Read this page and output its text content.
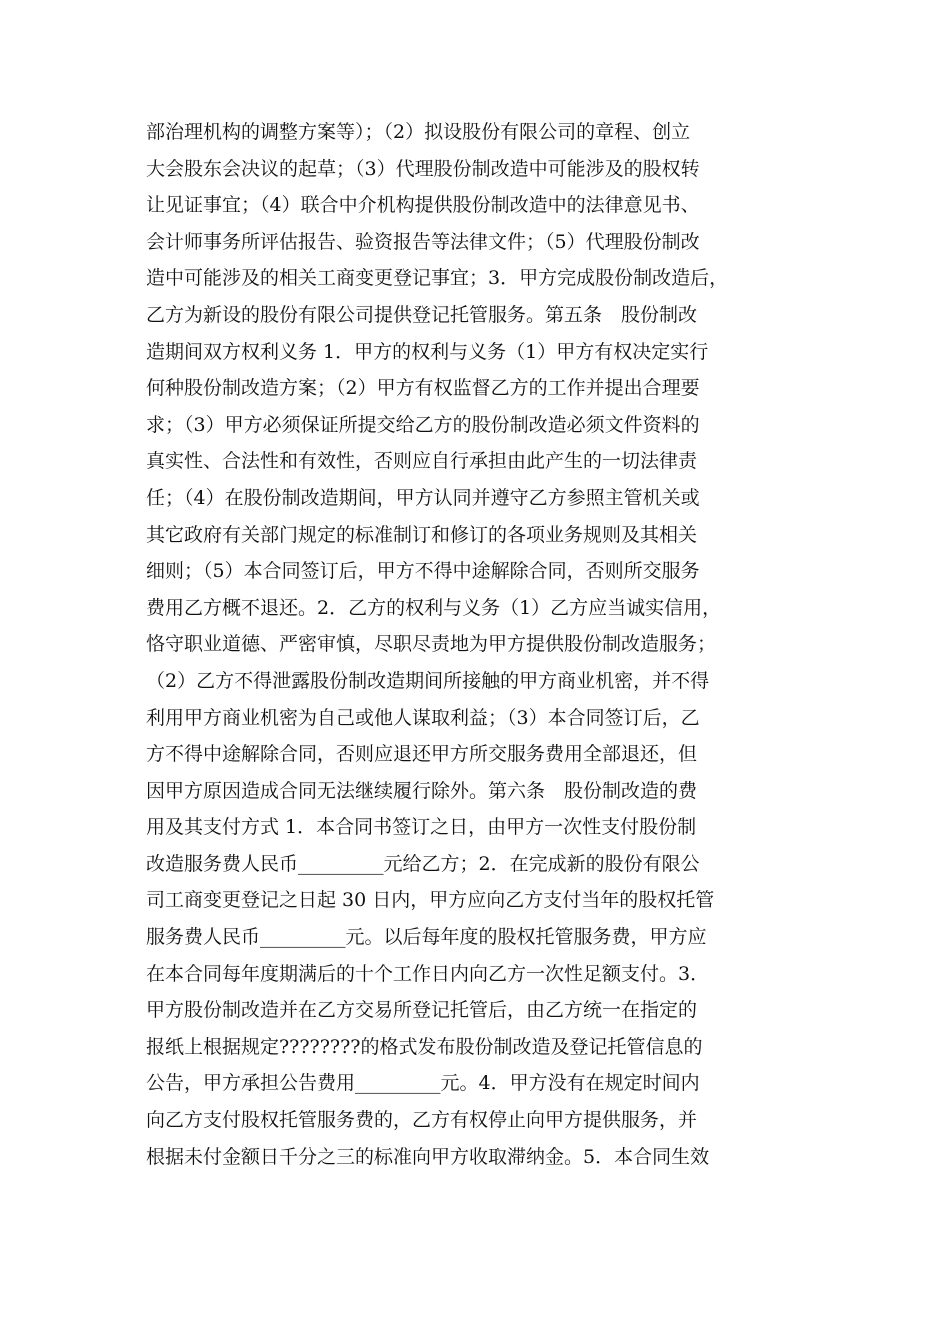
部治理机构的调整方案等）；（2）拟设股份有限公司的章程、创立
大会股东会决议的起草；（3）代理股份制改造中可能涉及的股权转
让见证事宜；（4）联合中介机构提供股份制改造中的法律意见书、
会计师事务所评估报告、验资报告等法律文件；（5）代理股份制改
造中可能涉及的相关工商变更登记事宜；3．甲方完成股份制改造后，
乙方为新设的股份有限公司提供登记托管服务。第五条　股份制改
造期间双方权利义务 1．甲方的权利与义务（1）甲方有权决定实行
何种股份制改造方案；（2）甲方有权监督乙方的工作并提出合理要
求；（3）甲方必须保证所提交给乙方的股份制改造必须文件资料的
真实性、合法性和有效性，否则应自行承担由此产生的一切法律责
任；（4）在股份制改造期间，甲方认同并遵守乙方参照主管机关或
其它政府有关部门规定的标准制订和修订的各项业务规则及其相关
细则；（5）本合同签订后，甲方不得中途解除合同，否则所交服务
费用乙方概不退还。2．乙方的权利与义务（1）乙方应当诚实信用，
恪守职业道德、严密审慎，尽职尽责地为甲方提供股份制改造服务；
（2）乙方不得泄露股份制改造期间所接触的甲方商业机密，并不得
利用甲方商业机密为自己或他人谋取利益；（3）本合同签订后，乙
方不得中途解除合同，否则应退还甲方所交服务费用全部退还，但
因甲方原因造成合同无法继续履行除外。第六条　股份制改造的费
用及其支付方式 1．本合同书签订之日，由甲方一次性支付股份制
改造服务费人民币_________元给乙方；2．在完成新的股份有限公
司工商变更登记之日起 30 日内，甲方应向乙方支付当年的股权托管
服务费人民币_________元。以后每年度的股权托管服务费，甲方应
在本合同每年度期满后的十个工作日内向乙方一次性足额支付。3．
甲方股份制改造并在乙方交易所登记托管后，由乙方统一在指定的
报纸上根据规定????????的格式发布股份制改造及登记托管信息的
公告，甲方承担公告费用_________元。4．甲方没有在规定时间内
向乙方支付股权托管服务费的，乙方有权停止向甲方提供服务，并
根据未付金额日千分之三的标准向甲方收取滞纳金。5．本合同生效
